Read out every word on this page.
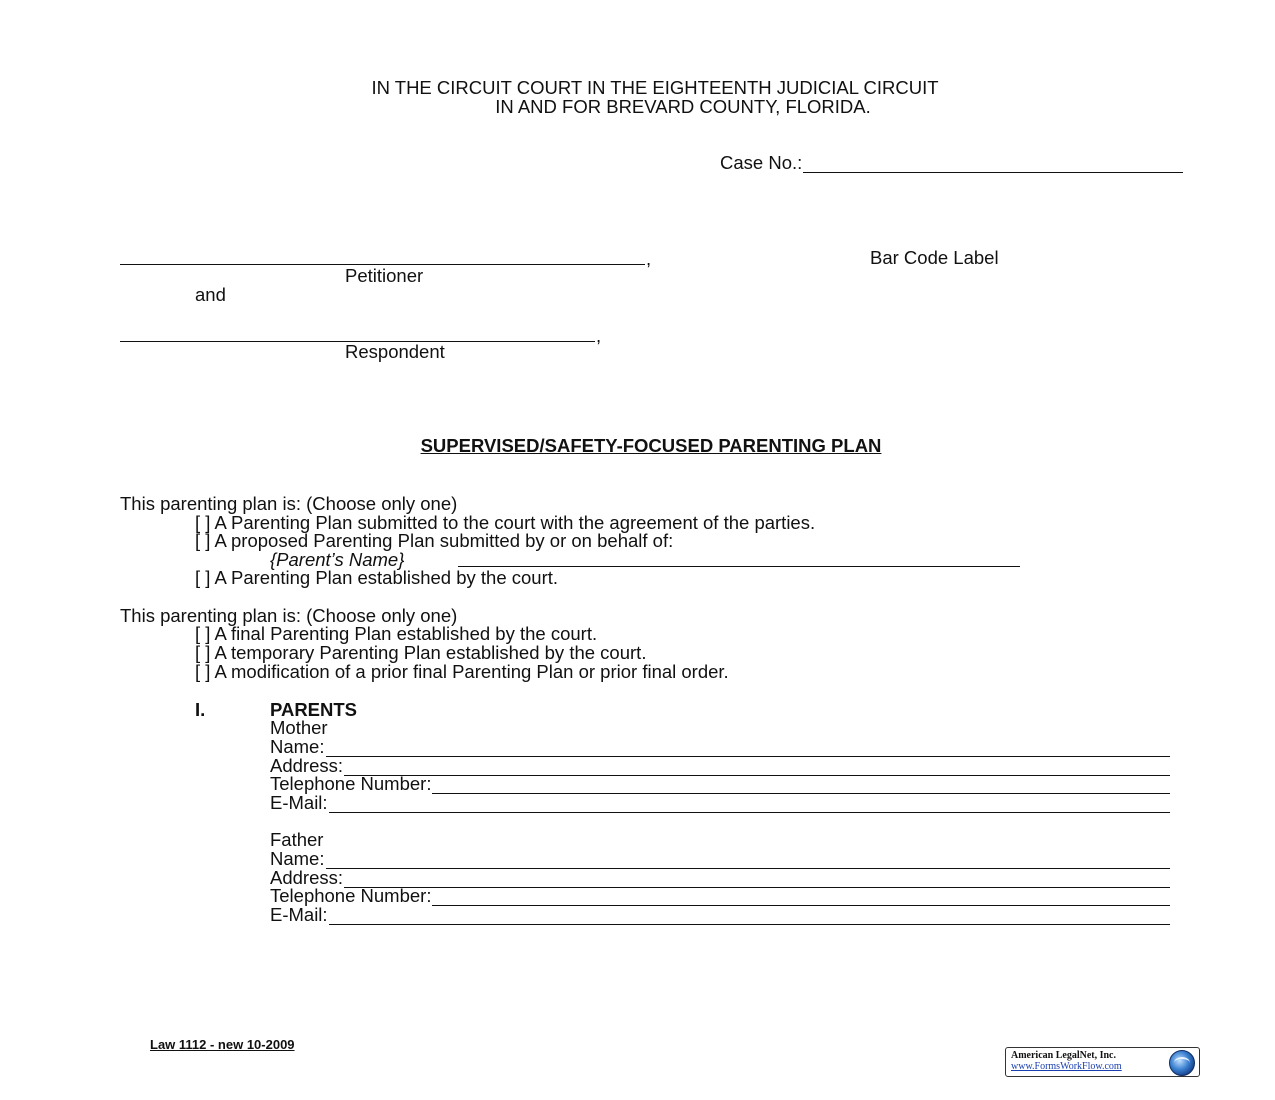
IN THE CIRCUIT COURT IN THE EIGHTEENTH JUDICIAL CIRCUIT
IN AND FOR BREVARD COUNTY, FLORIDA.
Case No.:
,
Petitioner
Bar Code Label
and
,
Respondent
SUPERVISED/SAFETY-FOCUSED PARENTING PLAN
This parenting plan is: (Choose only one)
[ ] A Parenting Plan submitted to the court with the agreement of the parties.
[ ] A proposed Parenting Plan submitted by or on behalf of:
{Parent’s Name}
[ ] A Parenting Plan established by the court.
This parenting plan is: (Choose only one)
[ ] A final Parenting Plan established by the court.
[ ] A temporary Parenting Plan established by the court.
[ ] A modification of a prior final Parenting Plan or prior final order.
I.	PARENTS
Mother
Name:
Address:
Telephone Number:
E-Mail:
Father
Name:
Address:
Telephone Number:
E-Mail:
Law 1112 - new 10-2009
American LegalNet, Inc.
www.FormsWorkFlow.com
